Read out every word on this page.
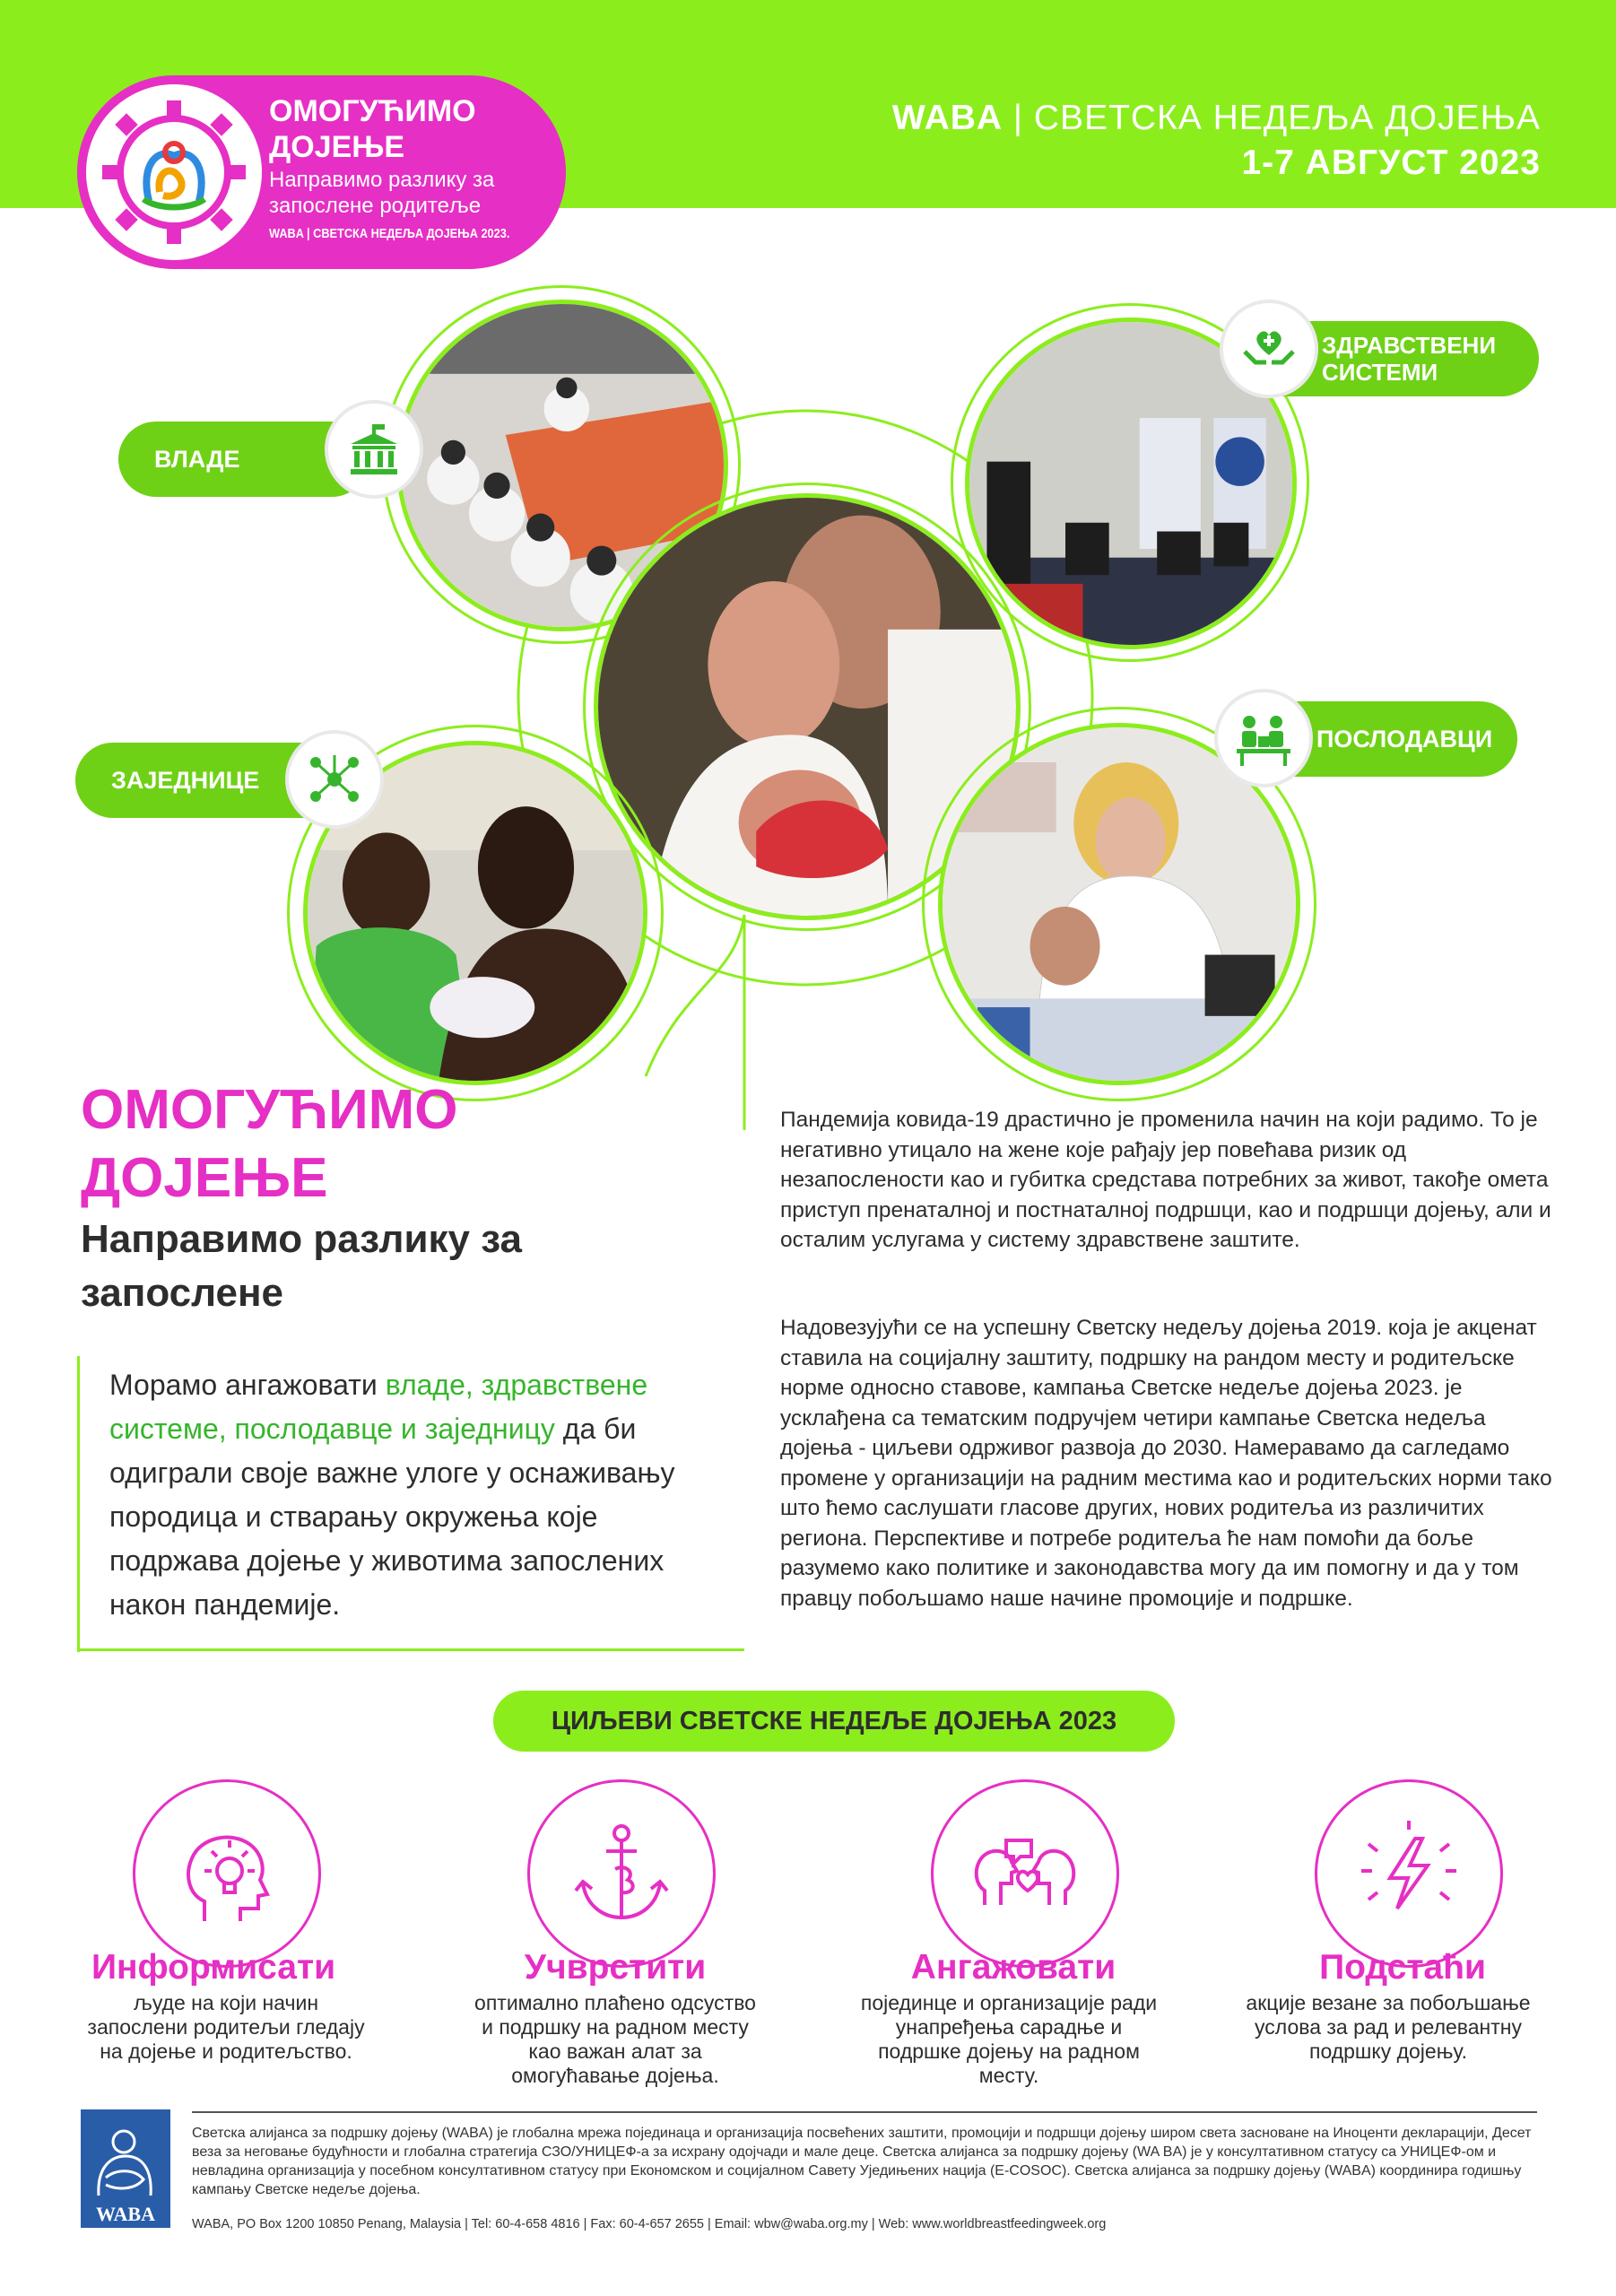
ОМОГУЋИМО ДОЈЕЊЕ
Направимо разлику за запослене родитеље
WABA | СВЕТСКА НЕДЕЉА ДОЈЕЊА 2023.
WABA | СВЕТСКА НЕДЕЉА ДОЈЕЊА
1-7 АВГУСТ 2023
ВЛАДЕ
ЗДРАВСТВЕНИ СИСТЕМИ
ЗАЈЕДНИЦЕ
ПОСЛОДАВЦИ
ОМОГУЋИМО ДОЈЕЊЕ
Направимо разлику за запослене
Морамо ангажовати владе, здравствене системе, послодавце и заједницу да би одиграли своје важне улоге у оснаживању породица и стварању окружења које подржава дојење у животима запослених након пандемије.
Пандемија ковида-19 драстично је променила начин на који радимо. То је негативно утицало на жене које рађају јер повећава ризик од незапослености као и губитка средстава потребних за живот, такође омета приступ пренаталној и постнаталној подршци, као и подршци дојењу, али и осталим услугама у систему здравствене заштите.
Надовезујући се на успешну Светску недељу дојења 2019. која је акценат ставила на социјалну заштиту, подршку на рандом месту и родитељске норме односно ставове, кампања Светске недеље дојења 2023. је усклађена са тематским подручјем четири кампање Светска недеља дојења - циљеви одрживог развоја до 2030. Намеравамо да сагледамо промене у организацији на радним местима као и родитељских норми тако што ћемо саслушати гласове других, нових родитеља из различитих региона. Перспективе и потребе родитеља ће нам помоћи да боље разумемо како политике и законодавства могу да им помогну и да у том правцу побољшамо наше начине промоције и подршке.
ЦИЉЕВИ СВЕТСКЕ НЕДЕЉЕ ДОЈЕЊА 2023
Информисати
људе на који начин запослени родитељи гледају на дојење и родитељство.
Учврстити
оптимално плаћено одсуство и подршку на радном месту као важан алат за омогућавање дојења.
Ангажовати
појединце и организације ради унапређења сарадње и подршке дојењу на радном месту.
Подстаћи
акције везане за побољшање услова за рад и релевантну подршку дојењу.
WABA
Светска алијанса за подршку дојењу (WABA) је глобална мрежа појединаца и организација посвећених заштити, промоцији и подршци дојењу широм света засноване на Иноценти декларацији, Десет веза за неговање будућности и глобална стратегија СЗО/УНИЦЕФ-а за исхрану одојчади и мале деце. Светска алијанса за подршку дојењу (WA BA) је у консултативном статусу са УНИЦЕФ-ом и невладина организација у посебном консултативном статусу при Економском и социјалном Савету Уједињених нација (E-COSOC). Светска алијанса за подршку дојењу (WABA) координира годишњу кампању Светске недеље дојења.
WABA, PO Box 1200 10850 Penang, Malaysia | Tel: 60-4-658 4816 | Fax: 60-4-657 2655 | Email: wbw@waba.org.my | Web: www.worldbreastfeedingweek.org
